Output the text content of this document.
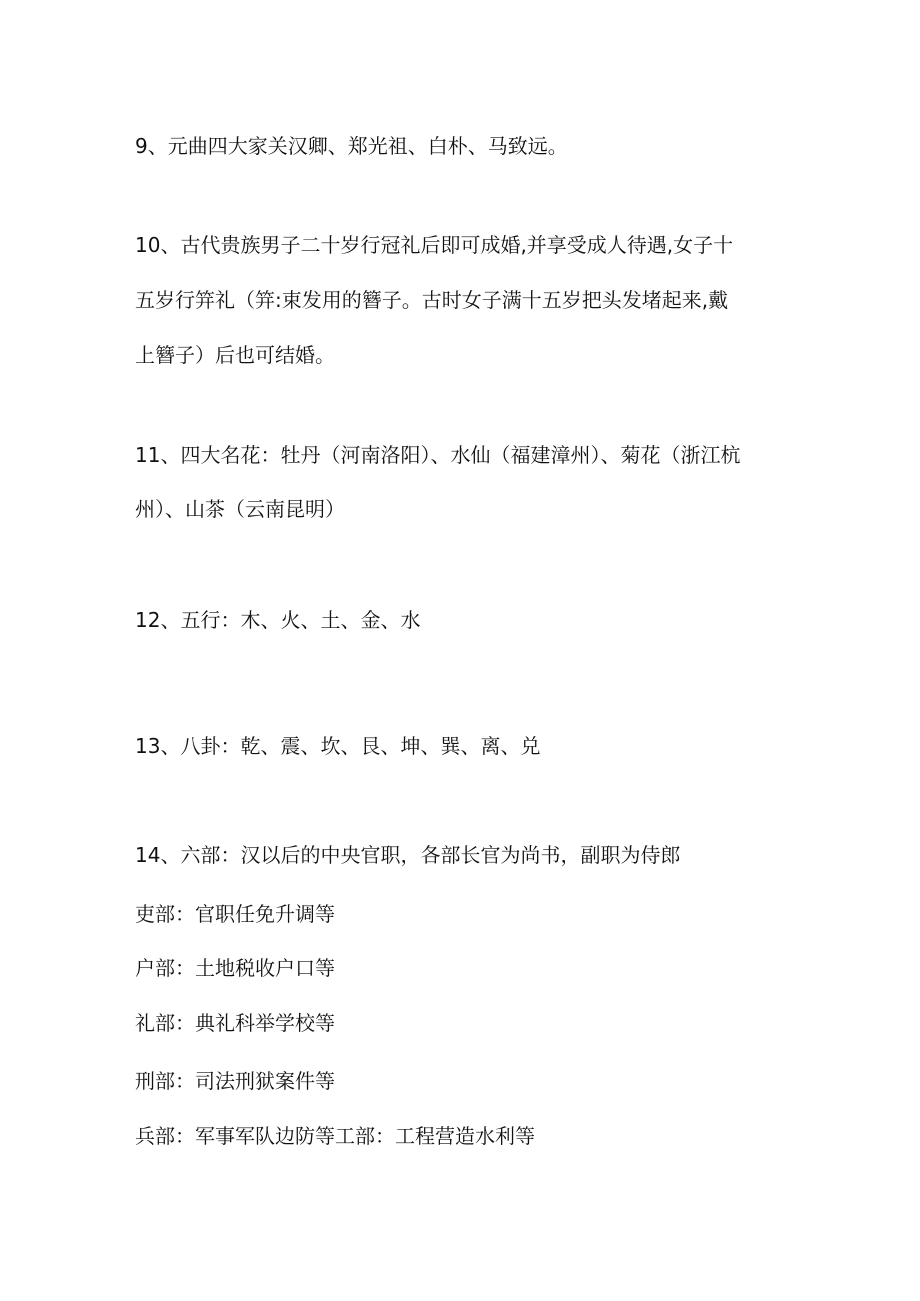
9、元曲四大家关汉卿、郑光祖、白朴、马致远。

10、古代贵族男子二十岁行冠礼后即可成婚,并享受成人待遇,女子十

五岁行笄礼（笄:束发用的簪子。古时女子满十五岁把头发堵起来,戴

上簪子）后也可结婚。

11、四大名花：牡丹（河南洛阳）、水仙（福建漳州）、菊花（浙江杭

州）、山茶（云南昆明）

12、五行：木、火、土、金、水

13、八卦：乾、震、坎、艮、坤、巽、离、兑

14、六部：汉以后的中央官职，各部长官为尚书，副职为侍郎

吏部：官职任免升调等

户部：土地税收户口等

礼部：典礼科举学校等

刑部：司法刑狱案件等

兵部：军事军队边防等工部：工程营造水利等
